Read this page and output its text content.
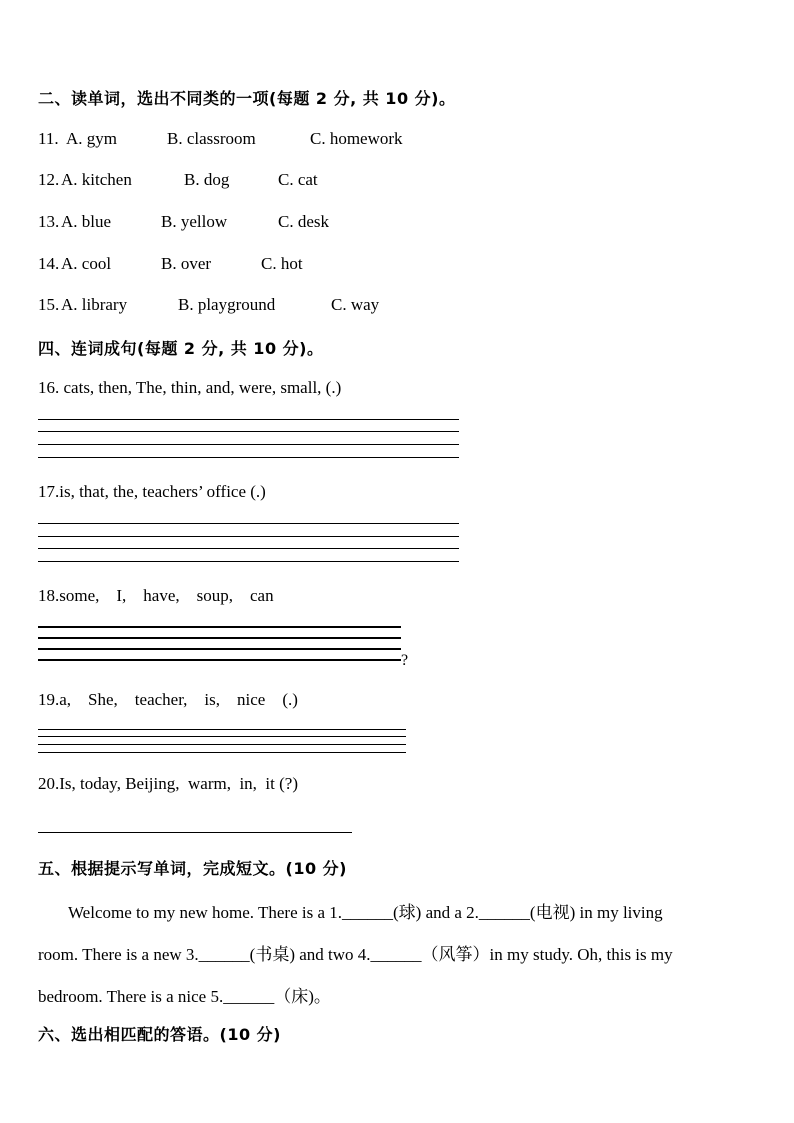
二、读单词，选出不同类的一项(每题 2 分, 共 10 分)。
11. A. gym	B. classroom	C. homework
12. A. kitchen	B. dog	C. cat
13. A. blue	B. yellow	C. desk
14. A. cool	B. over	C. hot
15. A. library	B. playground	C. way
四、连词成句(每题 2 分, 共 10 分)。
16. cats, then, The, thin, and, were, small, (.)
17.is, that, the, teachers’ office (.)
18.some,    I,    have,    soup,    can
?
19.a,    She,    teacher,    is,    nice    (.)
20.Is, today, Beijing,  warm,  in,  it (?)
五、根据提示写单词，完成短文。(10 分)
Welcome to my new home. There is a 1.______(球) and a 2.______(电视) in my living
room. There is a new 3.______(书桌) and two 4.______（风筝）in my study. Oh, this is my
bedroom. There is a nice 5.______（床)。
六、选出相匹配的答语。(10 分)
